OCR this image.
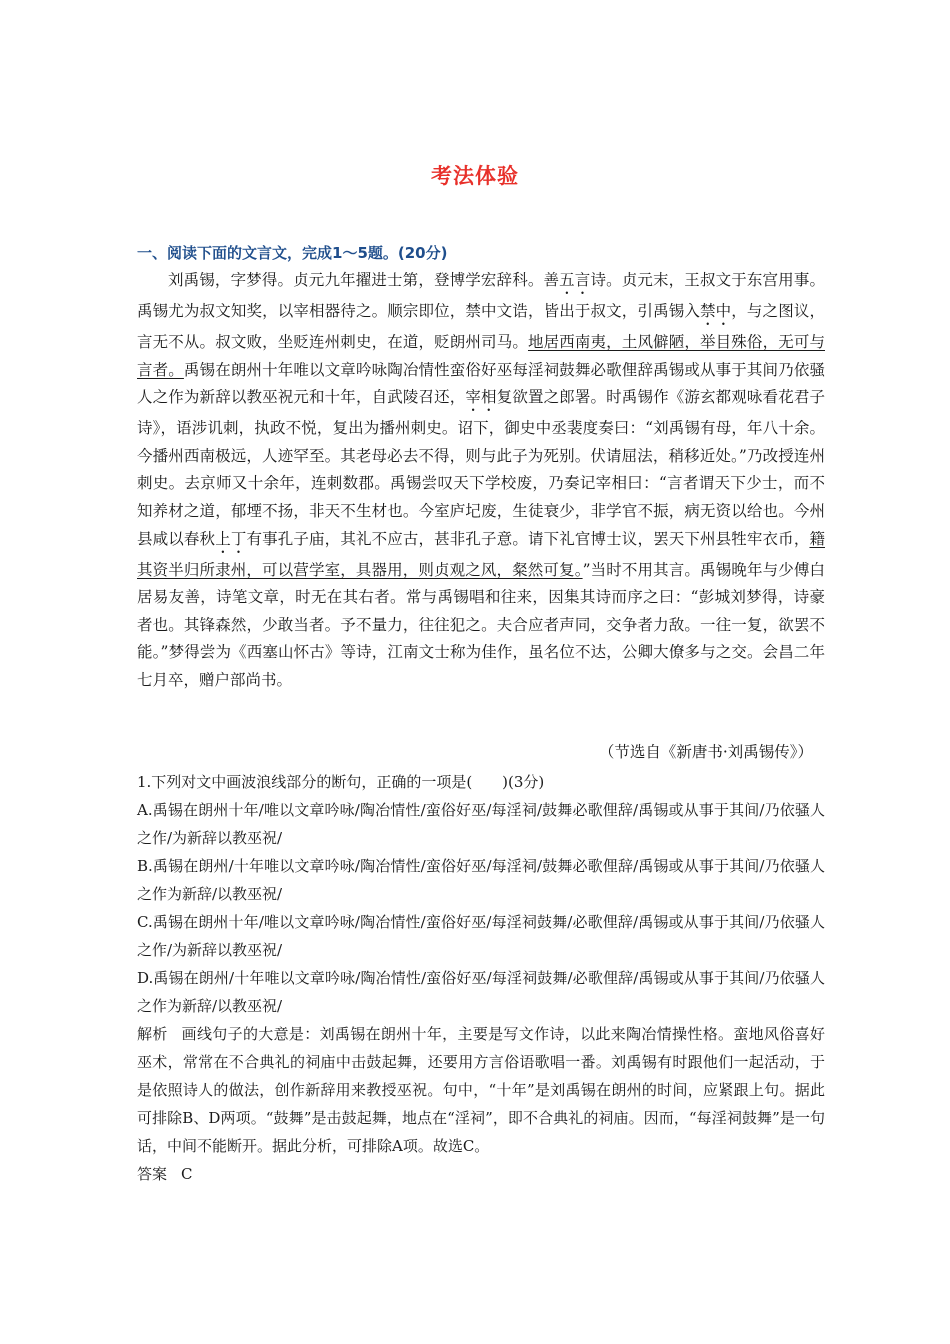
考法体验
一、阅读下面的文言文，完成1～5题。(20分)

刘禹锡，字梦得。贞元九年擢进士第，登博学宏辞科。善五言诗。贞元末，王叔文于东宫用事。禹锡尤为叔文知奖，以宰相器待之。顺宗即位，禁中文诰，皆出于叔文，引禹锡入禁中，与之图议，言无不从。叔文败，坐贬连州刺史，在道，贬朗州司马。地居西南夷，土风僻陋，举目殊俗，无可与言者。禹锡在朗州十年唯以文章吟咏陶冶情性蛮俗好巫每淫祠鼓舞必歌俚辞禹锡或从事于其间乃依骚人之作为新辞以教巫祝元和十年，自武陵召还，宰相复欲置之郎署。时禹锡作《游玄都观咏看花君子诗》，语涉讥刺，执政不悦，复出为播州刺史。诏下，御史中丞裴度奏曰：“刘禹锡有母，年八十余。今播州西南极远，人迹罕至。其老母必去不得，则与此子为死别。伏请屈法，稍移近处。”乃改授连州刺史。去京师又十余年，连刺数郡。禹锡尝叹天下学校废，乃奏记宰相曰：“言者谓天下少士，而不知养材之道，郁堙不扬，非天不生材也。今室庐圮废，生徒衰少，非学官不振，病无资以给也。今州县咸以春秋上丁有事孔子庙，其礼不应古，甚非孔子意。请下礼官博士议，罢天下州县牲牢衣币，籍其资半归所隶州，可以营学室，具器用，则贞观之风，粲然可复。”当时不用其言。禹锡晚年与少傅白居易友善，诗笔文章，时无在其右者。常与禹锡唱和往来，因集其诗而序之曰：“彭城刘梦得，诗豪者也。其锋森然，少敢当者。予不量力，往往犯之。夫合应者声同，交争者力敌。一往一复，欲罢不能。”梦得尝为《西塞山怀古》等诗，江南文士称为佳作，虽名位不达，公卿大僚多与之交。会昌二年七月卒，赠户部尚书。

（节选自《新唐书·刘禹锡传》）
1.下列对文中画波浪线部分的断句，正确的一项是(　　)(3分)
A.禹锡在朗州十年/唯以文章吟咏/陶冶情性/蛮俗好巫/每淫祠/鼓舞必歌俚辞/禹锡或从事于其间/乃依骚人之作/为新辞以教巫祝/
B.禹锡在朗州/十年唯以文章吟咏/陶冶情性/蛮俗好巫/每淫祠/鼓舞必歌俚辞/禹锡或从事于其间/乃依骚人之作为新辞/以教巫祝/
C.禹锡在朗州十年/唯以文章吟咏/陶冶情性/蛮俗好巫/每淫祠鼓舞/必歌俚辞/禹锡或从事于其间/乃依骚人之作/为新辞以教巫祝/
D.禹锡在朗州/十年唯以文章吟咏/陶冶情性/蛮俗好巫/每淫祠鼓舞/必歌俚辞/禹锡或从事于其间/乃依骚人之作为新辞/以教巫祝/
解析 画线句子的大意是：刘禹锡在朗州十年，主要是写文作诗，以此来陶冶情操性格。蛮地风俗喜好巫术，常常在不合典礼的祠庙中击鼓起舞，还要用方言俗语歌唱一番。刘禹锡有时跟他们一起活动，于是依照诗人的做法，创作新辞用来教授巫祝。句中，“十年”是刘禹锡在朗州的时间，应紧跟上句。据此可排除B、D两项。“鼓舞”是击鼓起舞，地点在“淫祠”，即不合典礼的祠庙。因而，“每淫祠鼓舞”是一句话，中间不能断开。据此分析，可排除A项。故选C。
答案 C
